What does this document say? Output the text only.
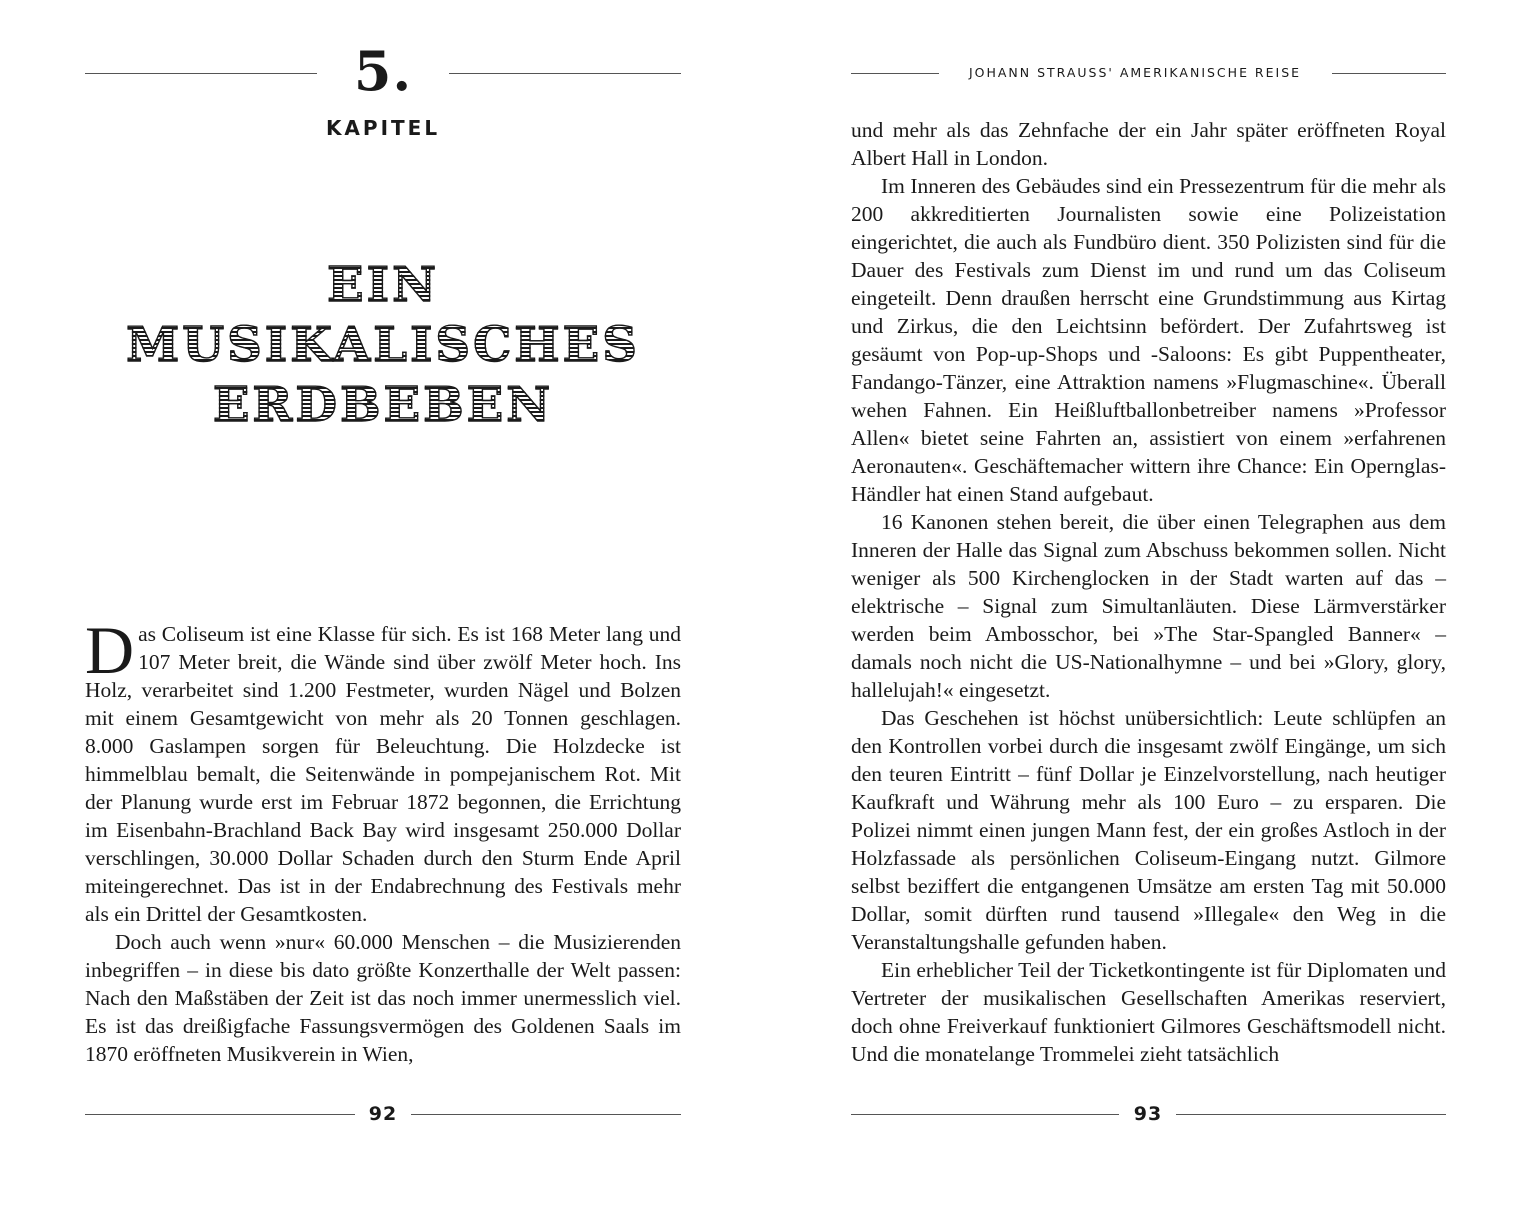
5.
KAPITEL
EIN
MUSIKALISCHES
ERDBEBEN

Das Coliseum ist eine Klasse für sich. Es ist 168 Meter lang und 107 Meter breit, die Wände sind über zwölf Meter hoch. Ins Holz, verarbeitet sind 1.200 Festmeter, wurden Nägel und Bolzen mit einem Gesamtgewicht von mehr als 20 Tonnen geschlagen. 8.000 Gaslampen sorgen für Beleuchtung. Die Holzdecke ist himmelblau bemalt, die Seitenwände in pompejanischem Rot. Mit der Planung wurde erst im Februar 1872 begonnen, die Errichtung im Eisenbahn-Brachland Back Bay wird insgesamt 250.000 Dollar verschlingen, 30.000 Dollar Schaden durch den Sturm Ende April miteingerechnet. Das ist in der Endabrechnung des Festivals mehr als ein Drittel der Gesamtkosten.

Doch auch wenn »nur« 60.000 Menschen – die Musizierenden inbegriffen – in diese bis dato größte Konzerthalle der Welt passen: Nach den Maßstäben der Zeit ist das noch immer unermesslich viel. Es ist das dreißigfache Fassungsvermögen des Goldenen Saals im 1870 eröffneten Musikverein in Wien,

92
JOHANN STRAUSS' AMERIKANISCHE REISE

und mehr als das Zehnfache der ein Jahr später eröffneten Royal Albert Hall in London.

Im Inneren des Gebäudes sind ein Pressezentrum für die mehr als 200 akkreditierten Journalisten sowie eine Polizeistation eingerichtet, die auch als Fundbüro dient. 350 Polizisten sind für die Dauer des Festivals zum Dienst im und rund um das Coliseum eingeteilt. Denn draußen herrscht eine Grundstimmung aus Kirtag und Zirkus, die den Leichtsinn befördert. Der Zufahrtsweg ist gesäumt von Pop-up-Shops und -Saloons: Es gibt Puppentheater, Fandango-Tänzer, eine Attraktion namens »Flugmaschine«. Überall wehen Fahnen. Ein Heißluftballonbetreiber namens »Professor Allen« bietet seine Fahrten an, assistiert von einem »erfahrenen Aeronauten«. Geschäftemacher wittern ihre Chance: Ein Opernglas-Händler hat einen Stand aufgebaut.

16 Kanonen stehen bereit, die über einen Telegraphen aus dem Inneren der Halle das Signal zum Abschuss bekommen sollen. Nicht weniger als 500 Kirchenglocken in der Stadt warten auf das – elektrische – Signal zum Simultanläuten. Diese Lärmverstärker werden beim Ambosschor, bei »The Star-Spangled Banner« – damals noch nicht die US-Nationalhymne – und bei »Glory, glory, hallelujah!« eingesetzt.

Das Geschehen ist höchst unübersichtlich: Leute schlüpfen an den Kontrollen vorbei durch die insgesamt zwölf Eingänge, um sich den teuren Eintritt – fünf Dollar je Einzelvorstellung, nach heutiger Kaufkraft und Währung mehr als 100 Euro – zu ersparen. Die Polizei nimmt einen jungen Mann fest, der ein großes Astloch in der Holzfassade als persönlichen Coliseum-Eingang nutzt. Gilmore selbst beziffert die entgangenen Umsätze am ersten Tag mit 50.000 Dollar, somit dürften rund tausend »Illegale« den Weg in die Veranstaltungshalle gefunden haben.

Ein erheblicher Teil der Ticketkontingente ist für Diplomaten und Vertreter der musikalischen Gesellschaften Amerikas reserviert, doch ohne Freiverkauf funktioniert Gilmores Geschäftsmodell nicht. Und die monatelange Trommelei zieht tatsächlich

93
